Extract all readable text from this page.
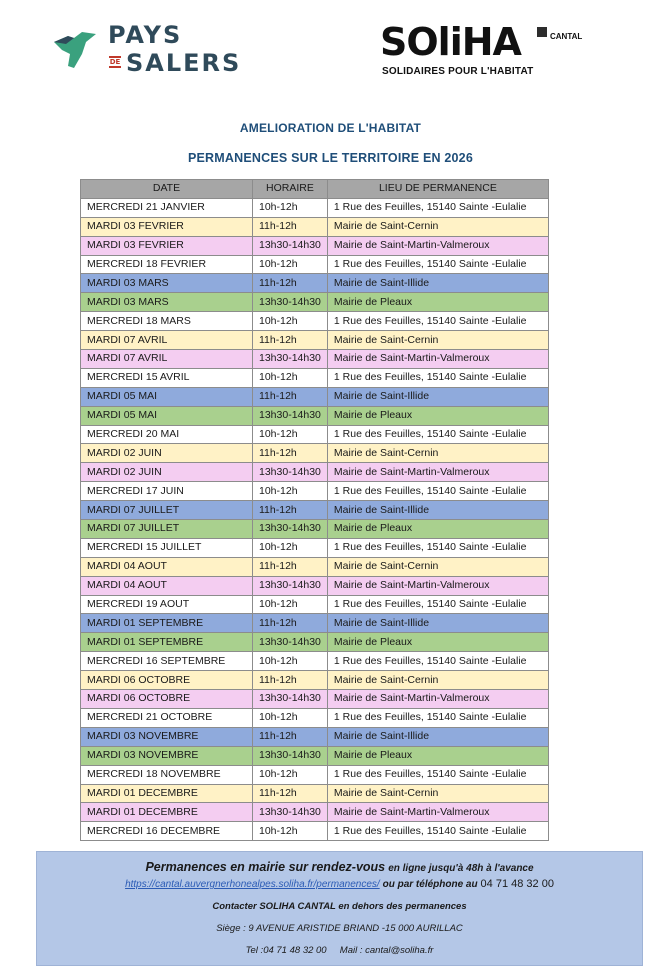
PAYS
DE SALERS	SOliHA	CANTAL
SOLIDAIRES POUR L'HABITAT
AMELIORATION DE L'HABITAT
PERMANENCES SUR LE TERRITOIRE EN 2026
DATE	HORAIRE	LIEU DE PERMANENCE
MERCREDI 21 JANVIER	10h-12h	1 Rue des Feuilles, 15140 Sainte -Eulalie
MARDI 03 FEVRIER	11h-12h	Mairie de Saint-Cernin
MARDI 03 FEVRIER	13h30-14h30	Mairie de Saint-Martin-Valmeroux
MERCREDI 18 FEVRIER	10h-12h	1 Rue des Feuilles, 15140 Sainte -Eulalie
MARDI 03 MARS	11h-12h	Mairie de Saint-Illide
MARDI 03 MARS	13h30-14h30	Mairie de Pleaux
MERCREDI 18 MARS	10h-12h	1 Rue des Feuilles, 15140 Sainte -Eulalie
MARDI 07 AVRIL	11h-12h	Mairie de Saint-Cernin
MARDI 07 AVRIL	13h30-14h30	Mairie de Saint-Martin-Valmeroux
MERCREDI 15 AVRIL	10h-12h	1 Rue des Feuilles, 15140 Sainte -Eulalie
MARDI 05 MAI	11h-12h	Mairie de Saint-Illide
MARDI 05 MAI	13h30-14h30	Mairie de Pleaux
MERCREDI 20 MAI	10h-12h	1 Rue des Feuilles, 15140 Sainte -Eulalie
MARDI 02 JUIN	11h-12h	Mairie de Saint-Cernin
MARDI 02 JUIN	13h30-14h30	Mairie de Saint-Martin-Valmeroux
MERCREDI 17 JUIN	10h-12h	1 Rue des Feuilles, 15140 Sainte -Eulalie
MARDI 07 JUILLET	11h-12h	Mairie de Saint-Illide
MARDI 07 JUILLET	13h30-14h30	Mairie de Pleaux
MERCREDI 15 JUILLET	10h-12h	1 Rue des Feuilles, 15140 Sainte -Eulalie
MARDI 04 AOUT	11h-12h	Mairie de Saint-Cernin
MARDI 04 AOUT	13h30-14h30	Mairie de Saint-Martin-Valmeroux
MERCREDI 19 AOUT	10h-12h	1 Rue des Feuilles, 15140 Sainte -Eulalie
MARDI 01 SEPTEMBRE	11h-12h	Mairie de Saint-Illide
MARDI 01 SEPTEMBRE	13h30-14h30	Mairie de Pleaux
MERCREDI 16 SEPTEMBRE	10h-12h	1 Rue des Feuilles, 15140 Sainte -Eulalie
MARDI 06 OCTOBRE	11h-12h	Mairie de Saint-Cernin
MARDI 06 OCTOBRE	13h30-14h30	Mairie de Saint-Martin-Valmeroux
MERCREDI 21 OCTOBRE	10h-12h	1 Rue des Feuilles, 15140 Sainte -Eulalie
MARDI 03 NOVEMBRE	11h-12h	Mairie de Saint-Illide
MARDI 03 NOVEMBRE	13h30-14h30	Mairie de Pleaux
MERCREDI 18 NOVEMBRE	10h-12h	1 Rue des Feuilles, 15140 Sainte -Eulalie
MARDI 01 DECEMBRE	11h-12h	Mairie de Saint-Cernin
MARDI 01 DECEMBRE	13h30-14h30	Mairie de Saint-Martin-Valmeroux
MERCREDI 16 DECEMBRE	10h-12h	1 Rue des Feuilles, 15140 Sainte -Eulalie
Permanences en mairie sur rendez-vous en ligne jusqu'à 48h à l'avance
https://cantal.auvergnerhonealpes.soliha.fr/permanences/ ou par téléphone au 04 71 48 32 00
Contacter SOLIHA CANTAL en dehors des permanences
Siège : 9 AVENUE ARISTIDE BRIAND -15 000 AURILLAC
Tel :04 71 48 32 00     Mail : cantal@soliha.fr
